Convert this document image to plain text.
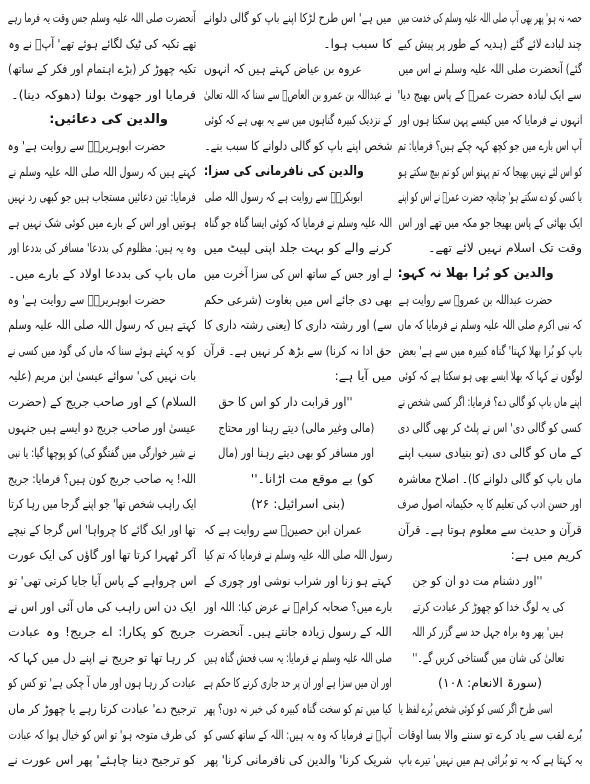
حصہ نہ ہو' پھر بھی آپ صلی اللہ علیہ وسلم کی خدمت میں
چند لبادے لائے گئے (ہدیہ کے طور پر پیش کیے
گئے) آنحضرت صلی اللہ علیہ وسلم نے اس میں
سے ایک لبادہ حضرت عمرؓ کے پاس بھیج دیا'
انہوں نے فرمایا کہ میں کیسے پہن سکتا ہوں اور
آپ اس بارے میں جو کچھ کہہ چکے ہیں؟ فرمایا: تم
کو اس لئے نہیں بھیجا کہ تم پہنو اس کو تم بیچ سکتے ہو
یا کسی کو دے سکتے ہو' چنانچہ حضرت عمرؓ نے اس کو اپنے
ایک بھائی کے پاس بھیجا جو مکہ میں تھے اور اس
وقت تک اسلام نہیں لائے تھے۔
والدین کو بُرا بھلا نہ کہو:
حضرت عبداللہ بن عمروؓ سے روایت ہے
کہ نبی اکرم صلی اللہ علیہ وسلم نے فرمایا کہ ماں
باپ کو بُرا بھلا کہنا' گناہ کبیرہ میں سے ہے' بعض
لوگوں نے کہا کہ بھلا ایسے بھی ہو سکتا ہے کہ کوئی
اپنے ماں باپ کو گالی دے؟ فرمایا: اگر کسی شخص نے
کسی کو گالی دی' اس نے پلٹ کر بھی گالی دی
کے ماں کو گالی دی (تو بنیادی سبب اپنے
ماں باپ کو گالی دلوانے کا)۔ اصلاح معاشرہ
اور حسن ادب کی تعلیم کا یہ حکیمانہ اصول صرف
قرآن و حدیث سے معلوم ہوتا ہے۔ قرآن
کریم میں ہے:
''اور دشنام مت دو ان کو جن
کی یہ لوگ خدا کو چھوڑ کر عبادت کرتے
ہیں' پھر وہ براہ جہل حد سے گزر کر اللہ
تعالیٰ کی شان میں گستاخی کریں گے۔''
(سورۃ الانعام: ۱۰۸)
اسی طرح اگر کسی کو کوئی شخص بُرے لفظ یا
بُرے لقب سے یاد کرے تو سننے والا بسا اوقات
یہ کہتا ہے کہ یہ تو بُرائی ہم میں نہیں' تیرے باپ
میں ہے' اس طرح لڑکا اپنے باپ کو گالی دلوانے
کا سبب ہوا۔
عروہ بن عیاض کہتے ہیں کہ انہوں
نے عبداللہ بن عمرو بن العاصؓ سے سنا کہ اللہ تعالیٰ
کے نزدیک کبیرہ گناہوں میں سے یہ بھی ہے کہ کوئی
شخص اپنے باپ کو گالی دلوانے کا سبب بنے۔
والدین کی نافرمانی کی سزا:
ابوبکرہؓ سے روایت ہے کہ رسول اللہ صلی
اللہ علیہ وسلم نے فرمایا کہ کوئی ایسا گناہ جو گناہ
کرنے والے کو بہت جلد اپنی لپیٹ میں
لے اور جس کے ساتھ اس کی سزا آخرت میں
بھی دی جائے اس میں بغاوت (شرعی حکم
سے) اور رشتہ داری کا (یعنی رشتہ داری کا
حق ادا نہ کرنا) سے بڑھ کر نہیں ہے۔ قرآن
میں آیا ہے:
''اور قرابت دار کو اس کا حق
(مالی وغیر مالی) دیتے رہنا اور محتاج
اور مسافر کو بھی دیتے رہنا اور (مال
کو) بے موقع مت اڑانا۔''
(بنی اسرائیل: ۲۶)
عمران ابن حصینؓ سے روایت ہے کہ
رسول اللہ صلی اللہ علیہ وسلم نے فرمایا کہ تم کیا
کہتے ہو زنا اور شراب نوشی اور چوری کے
بارے میں؟ صحابہ کرامؓ نے عرض کیا: اللہ اور
اللہ کے رسول زیادہ جانتے ہیں۔ آنحضرت
صلی اللہ علیہ وسلم نے فرمایا: یہ سب فحش گناہ ہیں
اور ان میں سزا ہے اور ان پر حد جاری کرنے کا حکم ہے
کیا میں تم کو سخت گناہ کبیرہ کی خبر نہ دوں؟ پھر
آپؐ نے فرمایا کہ وہ یہ ہیں: اللہ کے ساتھ کسی کو
شریک کرنا' والدین کی نافرمانی کرنا' پھر
آنحضرت صلی اللہ علیہ وسلم جس وقت یہ فرما رہے
تھے تکیہ کی ٹیک لگائے ہوئے تھے' آپؐ نے وہ
تکیہ چھوڑ کر (بڑے اہتمام اور فکر کے ساتھ)
فرمایا اور جھوٹ بولنا (دھوکہ دینا)۔
والدین کی دعائیں:
حضرت ابوہریرہؓ سے روایت ہے' وہ
کہتے ہیں کہ رسول اللہ صلی اللہ علیہ وسلم نے
فرمایا: تین دعائیں مستجاب ہیں جو کبھی رد نہیں
ہوتیں اور اس کے بارے میں کوئی شک نہیں ہے
وہ یہ ہیں: مظلوم کی بددعا' مسافر کی بددعا اور
ماں باپ کی بددعا اولاد کے بارے میں۔
حضرت ابوہریرہؓ سے روایت ہے' وہ
کہتے ہیں کہ رسول اللہ صلی اللہ علیہ وسلم
کو یہ کہتے ہوئے سنا کہ ماں کی گود میں کسی نے
بات نہیں کی' سوائے عیسیٰ ابن مریم (علیہ
السلام) کے اور صاحب جریج کے (حضرت
عیسیٰ اور صاحب جریج دو ایسے ہیں جنہوں
نے شیر خوارگی میں گفتگو کی) کو پوچھا گیا: یا نبی
اللہ! یہ صاحب جریج کون ہیں؟ فرمایا: جریج
ایک راہب شخص تھا' جو اپنے گرجا میں رہا کرتا
تھا اور ایک گائے کا چرواہا' اس گرجا کے نیچے
آکر ٹھہرا کرتا تھا اور گاؤں کی ایک عورت
اس چرواہے کے پاس آیا جایا کرتی تھی' تو
ایک دن اس راہب کی ماں آئی اور اس نے
جریج کو پکارا: اے جریج! وہ عبادت
کر رہا تھا تو جریج نے اپنے دل میں کہا کہ
عبادت کر رہا ہوں اور ماں آ چکی ہے' تو کس کو
ترجیح دے' عبادت کرتا رہے یا چھوڑ کر ماں
کی طرف متوجہ ہو' تو اس کو خیال ہوا کہ عبادت
کو ترجیح دینا چاہئے' پھر اس عورت نے
